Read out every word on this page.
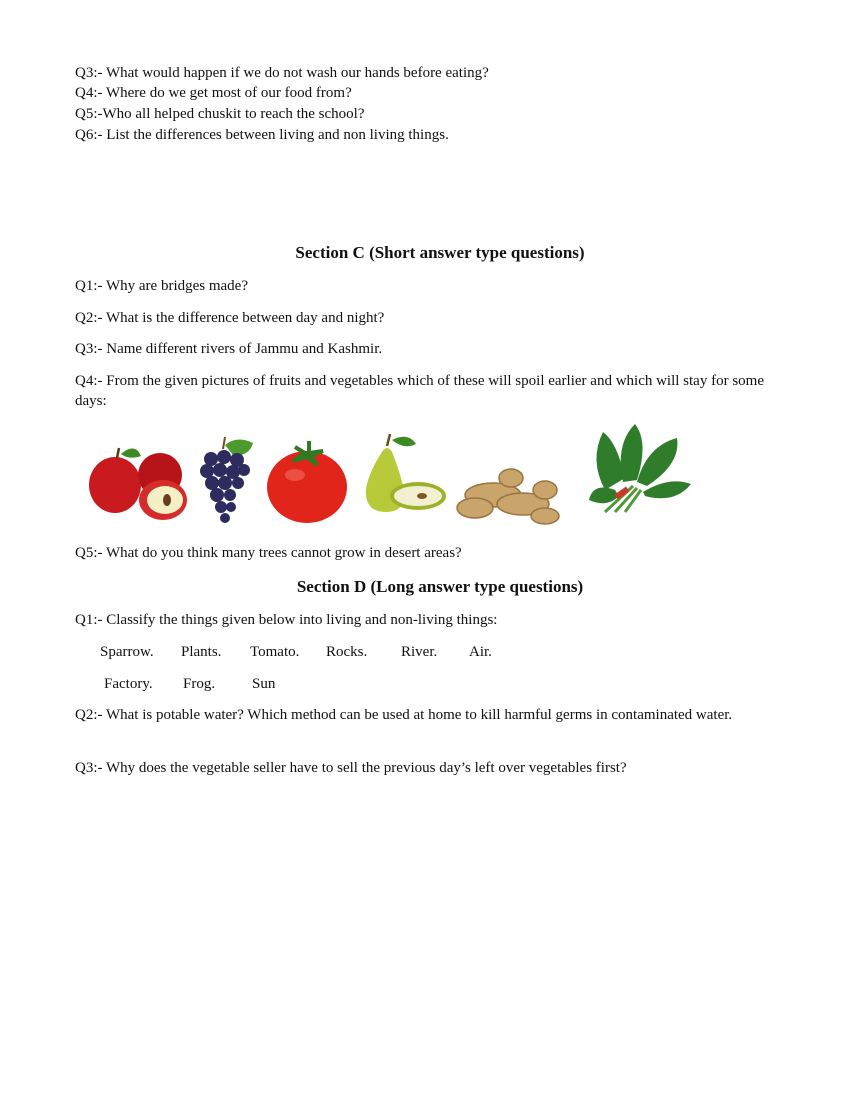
Q3:- What would happen if we do not wash our hands before eating?
Q4:- Where do we get most of our food from?
Q5:-Who all helped chuskit to reach the school?
Q6:- List the differences between living and non living things.
Section C (Short answer type questions)
Q1:- Why are bridges made?
Q2:- What is the difference between day and night?
Q3:- Name different rivers of Jammu and Kashmir.
Q4:- From the given pictures of fruits and vegetables which of these will spoil earlier and which will stay for some days:
Q5:- What do you think many trees cannot grow in desert areas?
Section D (Long answer type questions)
Q1:- Classify the things given below into living and non-living things:
Sparrow. Plants. Tomato. Rocks. River. Air.
Factory. Frog. Sun
Q2:- What is potable water? Which method can be used at home to kill harmful germs in contaminated water.
Q3:- Why does the vegetable seller have to sell the previous day’s left over vegetables first?
